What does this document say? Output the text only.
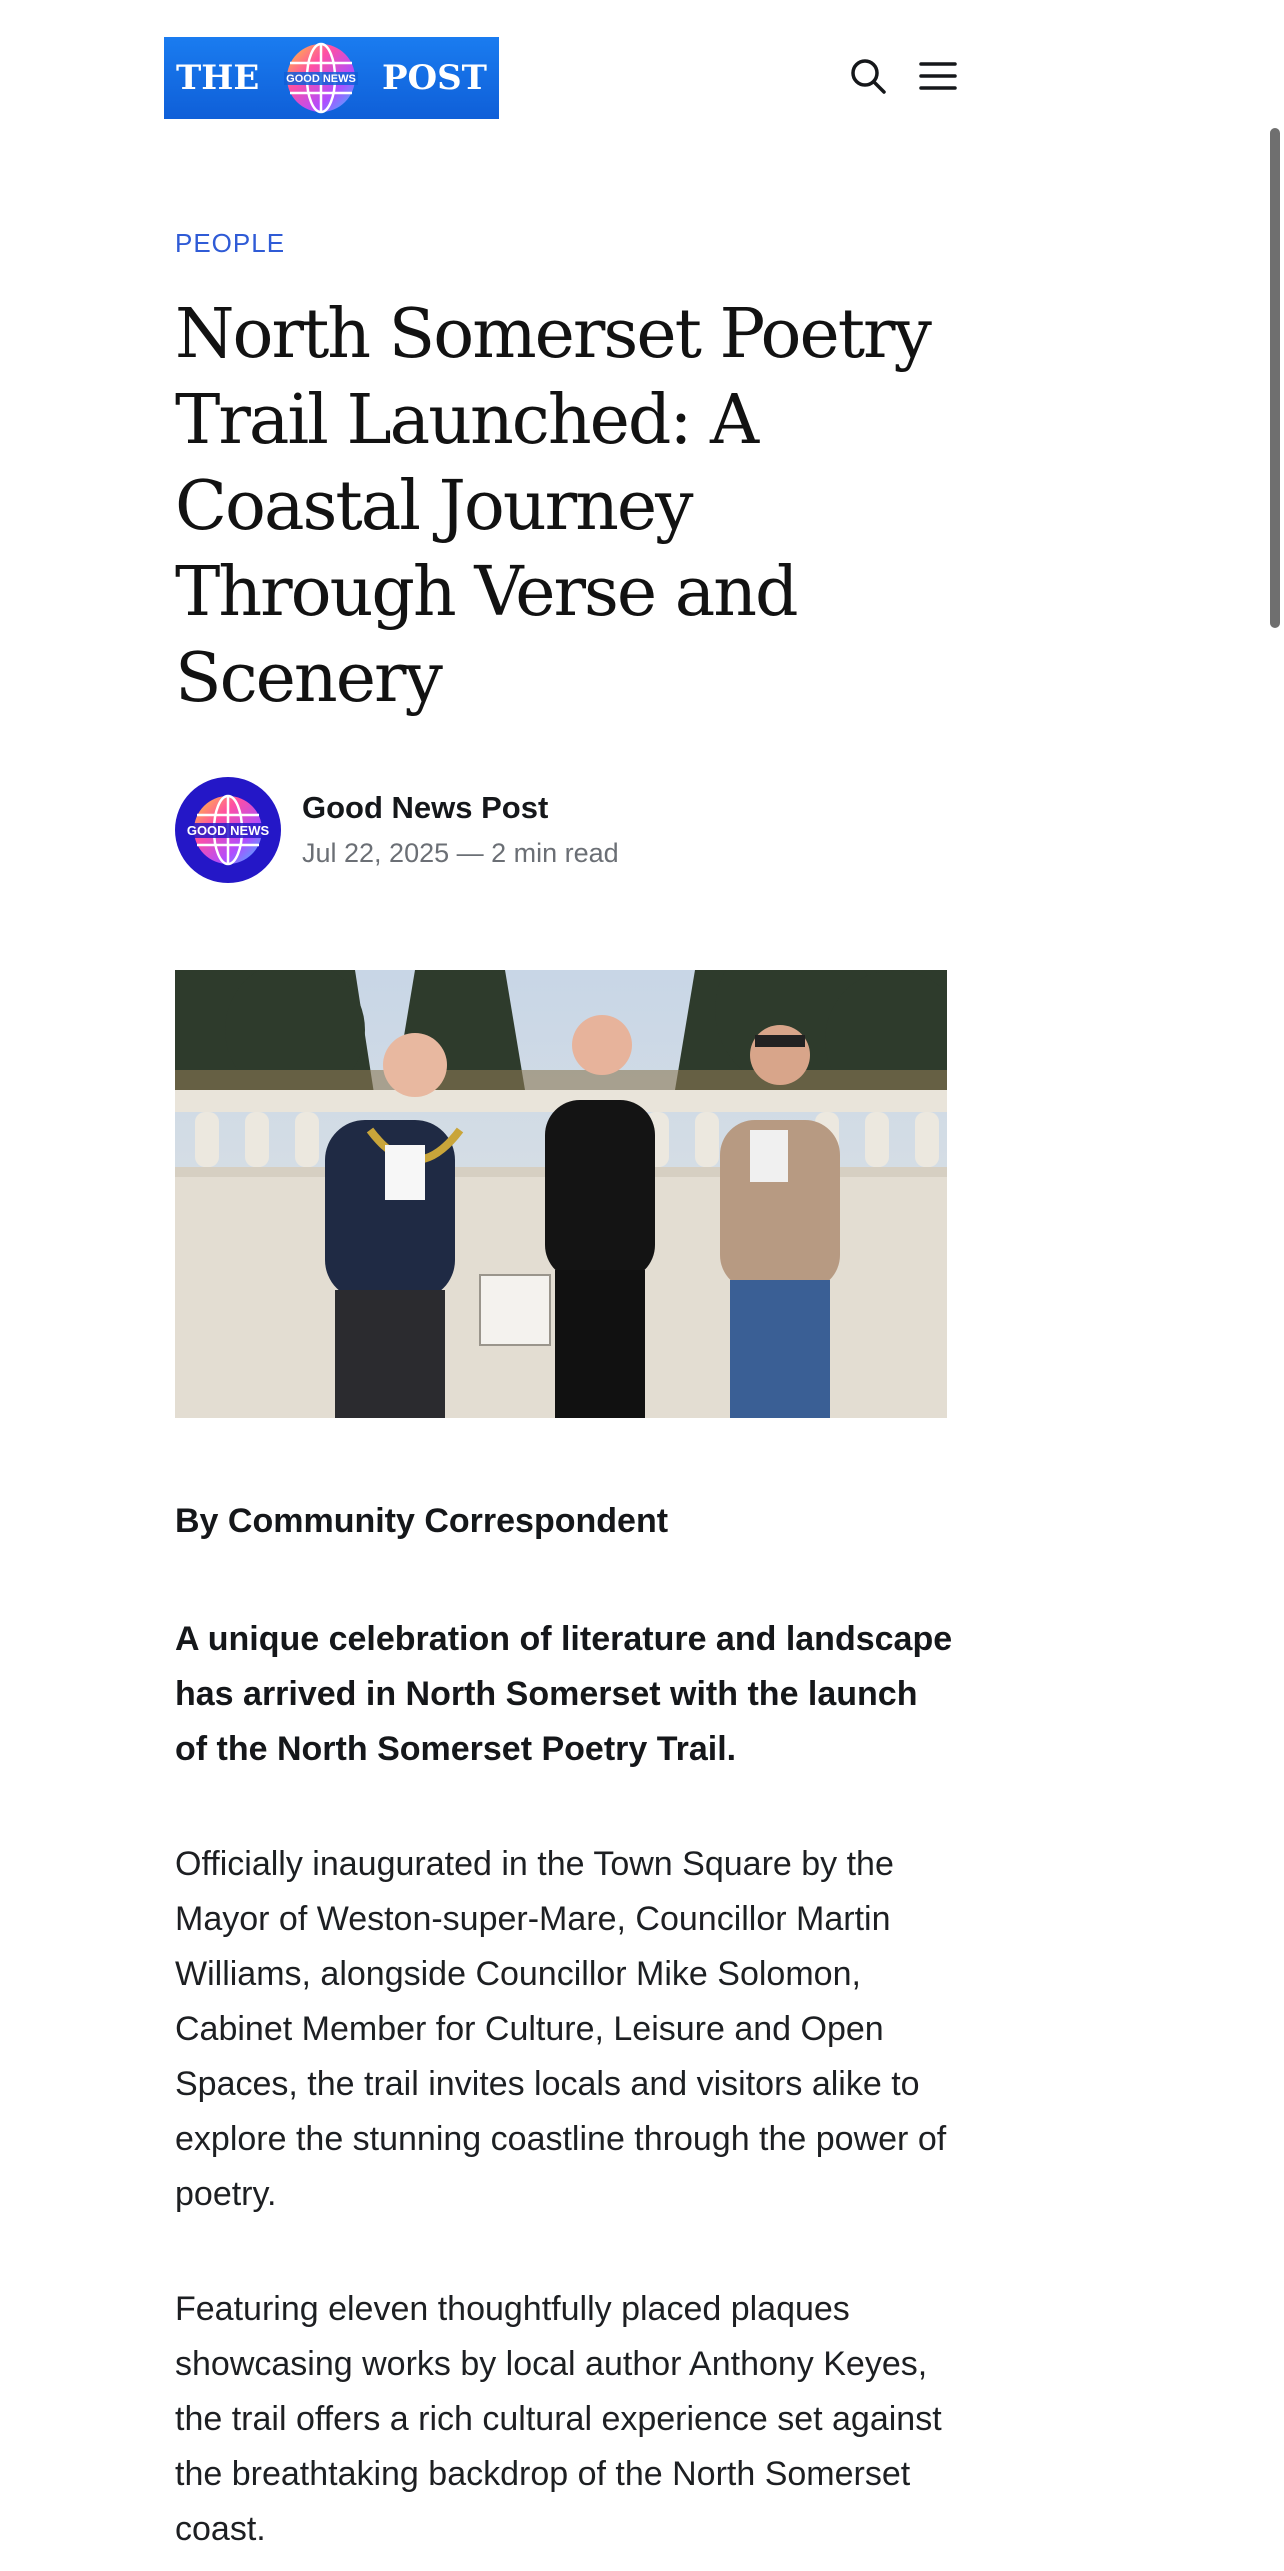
THE GOOD NEWS POST
PEOPLE
North Somerset Poetry Trail Launched: A Coastal Journey Through Verse and Scenery
GOOD NEWS
Good News Post
Jul 22, 2025 — 2 min read
By Community Correspondent

A unique celebration of literature and landscape has arrived in North Somerset with the launch of the North Somerset Poetry Trail.

Officially inaugurated in the Town Square by the Mayor of Weston-super-Mare, Councillor Martin Williams, alongside Councillor Mike Solomon, Cabinet Member for Culture, Leisure and Open Spaces, the trail invites locals and visitors alike to explore the stunning coastline through the power of poetry.

Featuring eleven thoughtfully placed plaques showcasing works by local author Anthony Keyes, the trail offers a rich cultural experience set against the breathtaking backdrop of the North Somerset coast.
